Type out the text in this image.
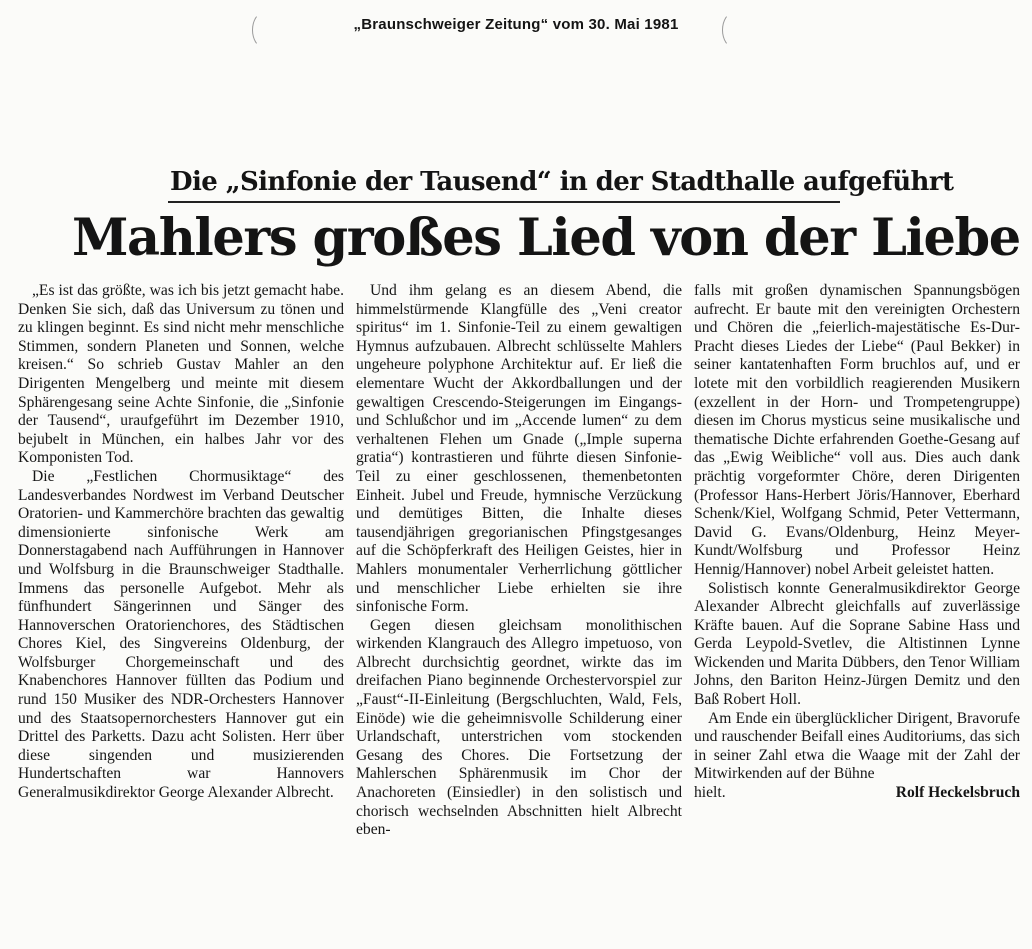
„Braunschweiger Zeitung“ vom 30. Mai 1981
Die „Sinfonie der Tausend“ in der Stadthalle aufgeführt
Mahlers großes Lied von der Liebe

„Es ist das größte, was ich bis jetzt gemacht habe. Denken Sie sich, daß das Universum zu tönen und zu klingen beginnt. Es sind nicht mehr menschliche Stimmen, sondern Planeten und Sonnen, welche kreisen.“ So schrieb Gustav Mahler an den Dirigenten Mengelberg und meinte mit diesem Sphärengesang seine Achte Sinfonie, die „Sinfonie der Tausend“, uraufgeführt im Dezember 1910, bejubelt in München, ein halbes Jahr vor des Komponisten Tod.

Die „Festlichen Chormusiktage“ des Landesverbandes Nordwest im Verband Deutscher Oratorien- und Kammerchöre brachten das gewaltig dimensionierte sinfonische Werk am Donnerstagabend nach Aufführungen in Hannover und Wolfsburg in die Braunschweiger Stadthalle. Immens das personelle Aufgebot. Mehr als fünfhundert Sängerinnen und Sänger des Hannoverschen Oratorienchores, des Städtischen Chores Kiel, des Singvereins Oldenburg, der Wolfsburger Chorgemeinschaft und des Knabenchores Hannover füllten das Podium und rund 150 Musiker des NDR-Orchesters Hannover und des Staatsopernorchesters Hannover gut ein Drittel des Parketts. Dazu acht Solisten. Herr über diese singenden und musizierenden Hundertschaften war Hannovers Generalmusikdirektor George Alexander Albrecht.

Und ihm gelang es an diesem Abend, die himmelstürmende Klangfülle des „Veni creator spiritus“ im 1. Sinfonie-Teil zu einem gewaltigen Hymnus aufzubauen. Albrecht schlüsselte Mahlers ungeheure polyphone Architektur auf. Er ließ die elementare Wucht der Akkordballungen und der gewaltigen Crescendo-Steigerungen im Eingangs- und Schlußchor und im „Accende lumen“ zu dem verhaltenen Flehen um Gnade („Imple superna gratia“) kontrastieren und führte diesen Sinfonie-Teil zu einer geschlossenen, themenbetonten Einheit. Jubel und Freude, hymnische Verzückung und demütiges Bitten, die Inhalte dieses tausendjährigen gregorianischen Pfingstgesanges auf die Schöpferkraft des Heiligen Geistes, hier in Mahlers monumentaler Verherrlichung göttlicher und menschlicher Liebe erhielten sie ihre sinfonische Form.

Gegen diesen gleichsam monolithischen wirkenden Klangrauch des Allegro impetuoso, von Albrecht durchsichtig geordnet, wirkte das im dreifachen Piano beginnende Orchestervorspiel zur „Faust“-II-Einleitung (Bergschluchten, Wald, Fels, Einöde) wie die geheimnisvolle Schilderung einer Urlandschaft, unterstrichen vom stockenden Gesang des Chores. Die Fortsetzung der Mahlerschen Sphärenmusik im Chor der Anachoreten (Einsiedler) in den solistisch und chorisch wechselnden Abschnitten hielt Albrecht eben-

falls mit großen dynamischen Spannungsbögen aufrecht. Er baute mit den vereinigten Orchestern und Chören die „feierlich-majestätische Es-Dur-Pracht dieses Liedes der Liebe“ (Paul Bekker) in seiner kantatenhaften Form bruchlos auf, und er lotete mit den vorbildlich reagierenden Musikern (exzellent in der Horn- und Trompetengruppe) diesen im Chorus mysticus seine musikalische und thematische Dichte erfahrenden Goethe-Gesang auf das „Ewig Weibliche“ voll aus. Dies auch dank prächtig vorgeformter Chöre, deren Dirigenten (Professor Hans-Herbert Jöris/Hannover, Eberhard Schenk/Kiel, Wolfgang Schmid, Peter Vettermann, David G. Evans/Oldenburg, Heinz Meyer-Kundt/Wolfsburg und Professor Heinz Hennig/Hannover) nobel Arbeit geleistet hatten.

Solistisch konnte Generalmusikdirektor George Alexander Albrecht gleichfalls auf zuverlässige Kräfte bauen. Auf die Soprane Sabine Hass und Gerda Leypold-Svetlev, die Altistinnen Lynne Wickenden und Marita Dübbers, den Tenor William Johns, den Bariton Heinz-Jürgen Demitz und den Baß Robert Holl.

Am Ende ein überglücklicher Dirigent, Bravorufe und rauschender Beifall eines Auditoriums, das sich in seiner Zahl etwa die Waage mit der Zahl der Mitwirkenden auf der Bühne

hielt.	Rolf Heckelsbruch
